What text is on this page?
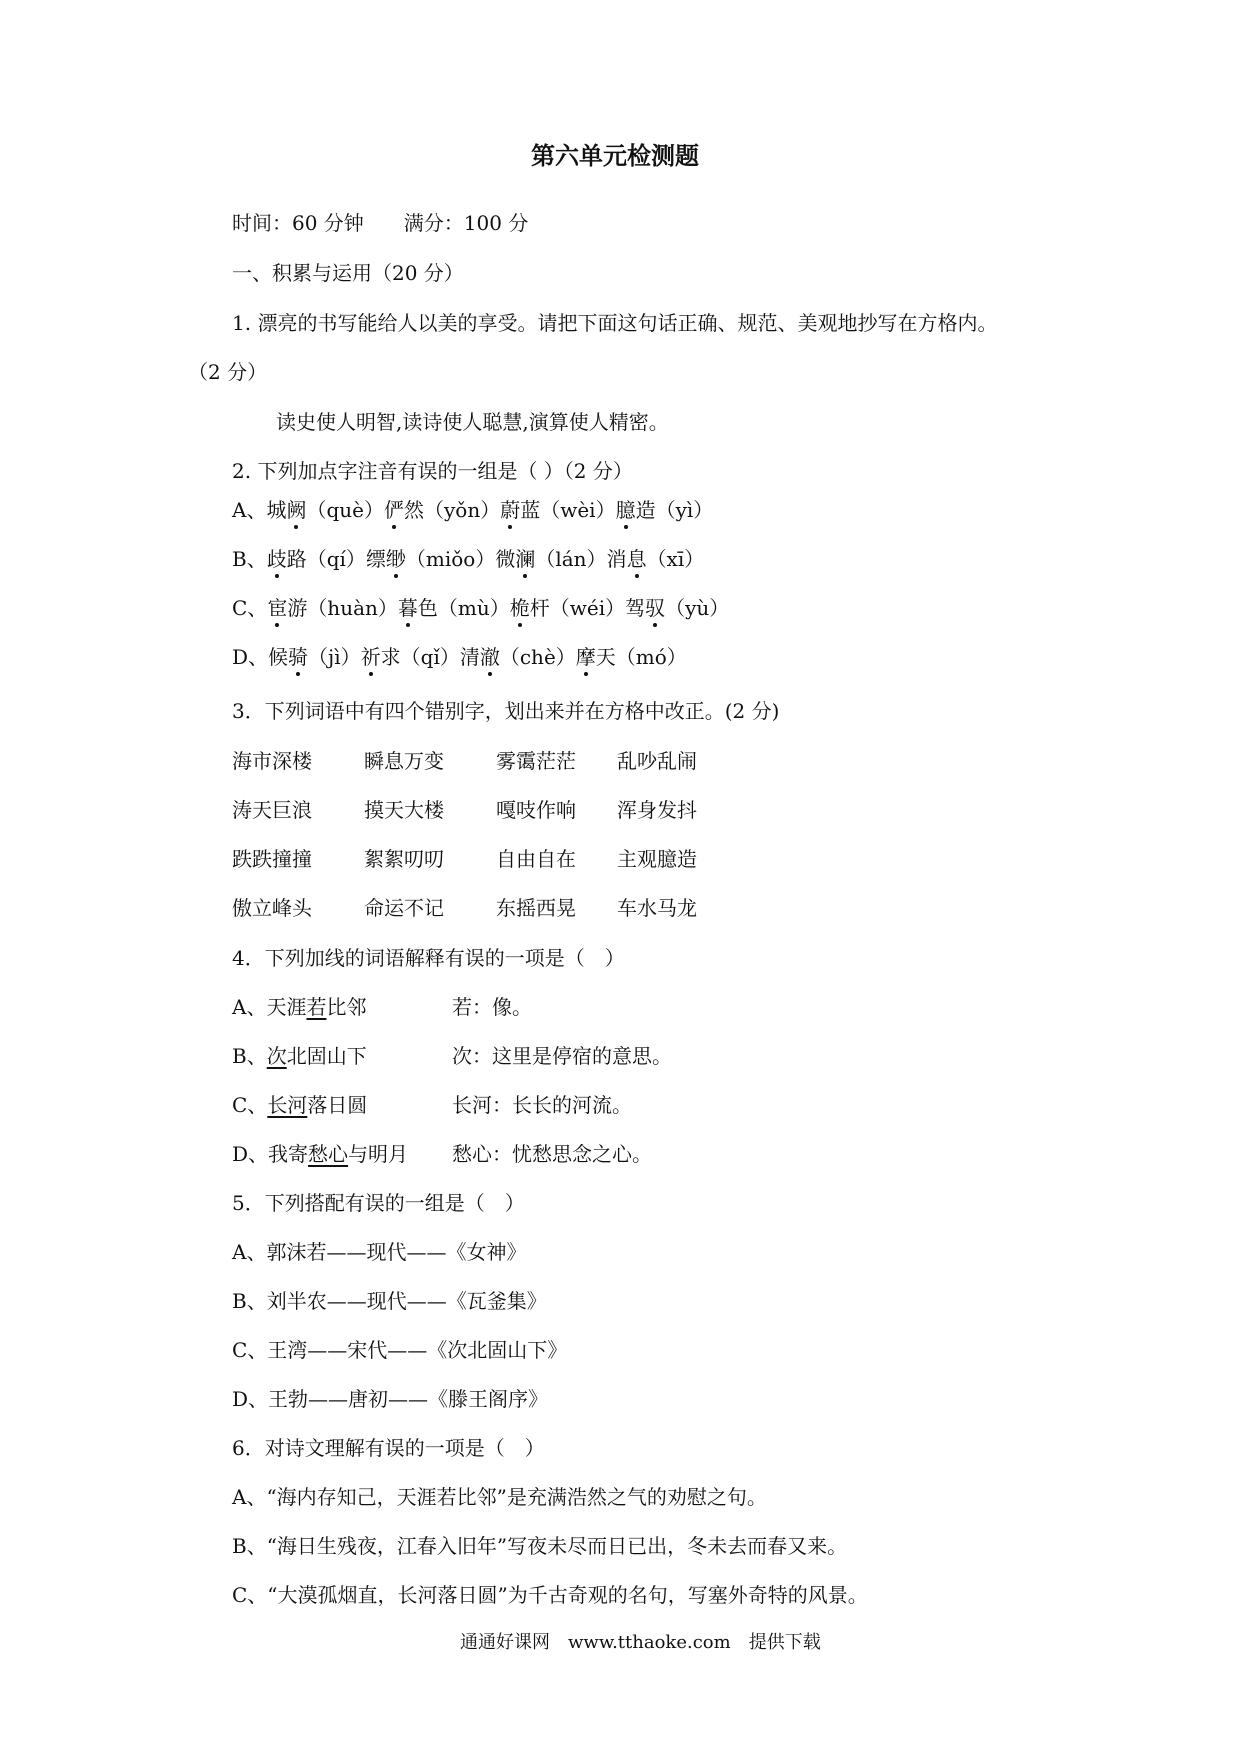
第六单元检测题
时间：60 分钟　　满分：100 分
一、积累与运用（20 分）
1. 漂亮的书写能给人以美的享受。请把下面这句话正确、规范、美观地抄写在方格内。
（2 分）
读史使人明智,读诗使人聪慧,演算使人精密。
2. 下列加点字注音有误的一组是（ ）（2 分）
A、城阙（què）俨然（yǒn）蔚蓝（wèi）臆造（yì）
B、歧路（qí）缥缈（miǒo）微澜（lán）消息（xī）
C、宦游（huàn）暮色（mù）桅杆（wéi）驾驭（yù）
D、候骑（jì）祈求（qǐ）清澈（chè）摩天（mó）
3．下列词语中有四个错别字，划出来并在方格中改正。(2 分)
海市深楼	瞬息万变	雾霭茫茫 乱吵乱闹
涛天巨浪	摸天大楼	嘎吱作响 浑身发抖
跌跌撞撞	絮絮叨叨	自由自在 主观臆造
傲立峰头	命运不记	东摇西晃 车水马龙
4．下列加线的词语解释有误的一项是（　）
A、天涯若比邻	若：像。
B、次北固山下	次：这里是停宿的意思。
C、长河落日圆	长河：长长的河流。
D、我寄愁心与明月 愁心：忧愁思念之心。
5．下列搭配有误的一组是（　）
A、郭沫若——现代——《女神》
B、刘半农——现代——《瓦釜集》
C、王湾——宋代——《次北固山下》
D、王勃——唐初——《滕王阁序》
6．对诗文理解有误的一项是（　）
A、“海内存知己，天涯若比邻”是充满浩然之气的劝慰之句。
B、“海日生残夜，江春入旧年”写夜未尽而日已出，冬未去而春又来。
C、“大漠孤烟直，长河落日圆”为千古奇观的名句，写塞外奇特的风景。
通通好课网　www.tthaoke.com　提供下载
